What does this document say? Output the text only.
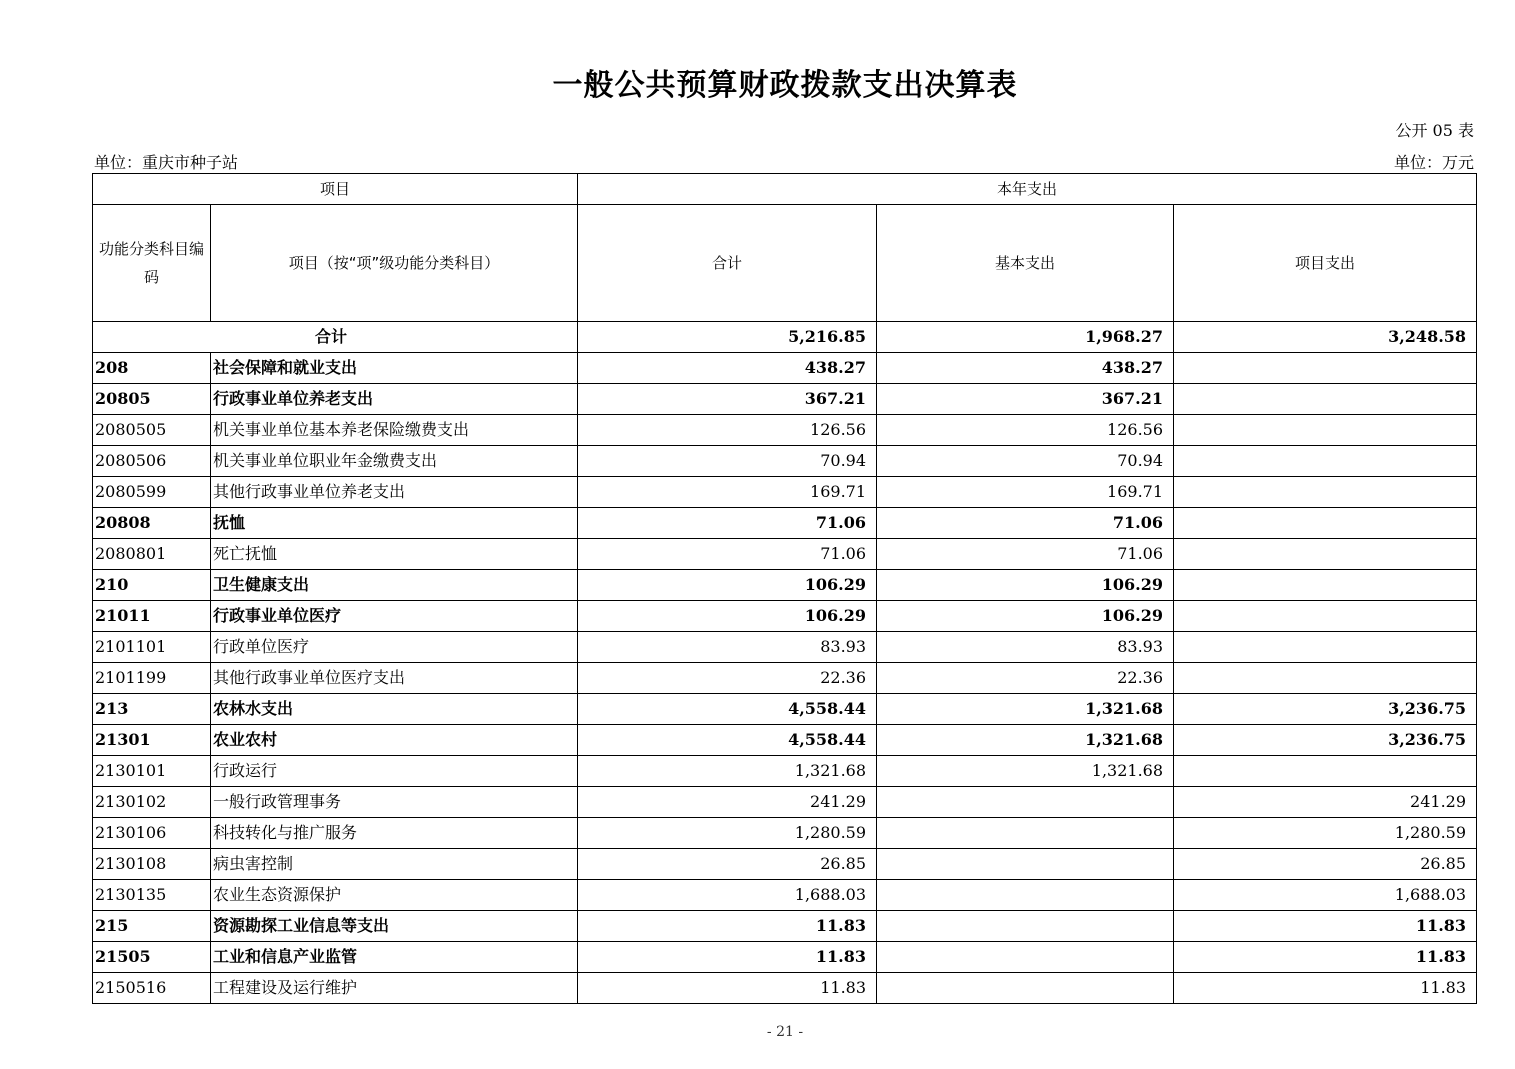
一般公共预算财政拨款支出决算表
公开 05 表
单位：重庆市种子站	单位：万元
项目		本年支出		
功能分类科目编码	项目（按“项”级功能分类科目）	合计	基本支出	项目支出
合计		5,216.85	1,968.27	3,248.58
208	社会保障和就业支出	438.27	438.27	
20805	行政事业单位养老支出	367.21	367.21	
2080505	机关事业单位基本养老保险缴费支出	126.56	126.56	
2080506	机关事业单位职业年金缴费支出	70.94	70.94	
2080599	其他行政事业单位养老支出	169.71	169.71	
20808	抚恤	71.06	71.06	
2080801	死亡抚恤	71.06	71.06	
210	卫生健康支出	106.29	106.29	
21011	行政事业单位医疗	106.29	106.29	
2101101	行政单位医疗	83.93	83.93	
2101199	其他行政事业单位医疗支出	22.36	22.36	
213	农林水支出	4,558.44	1,321.68	3,236.75
21301	农业农村	4,558.44	1,321.68	3,236.75
2130101	行政运行	1,321.68	1,321.68	
2130102	一般行政管理事务	241.29		241.29
2130106	科技转化与推广服务	1,280.59		1,280.59
2130108	病虫害控制	26.85		26.85
2130135	农业生态资源保护	1,688.03		1,688.03
215	资源勘探工业信息等支出	11.83		11.83
21505	工业和信息产业监管	11.83		11.83
2150516	工程建设及运行维护	11.83		11.83
- 21 -
